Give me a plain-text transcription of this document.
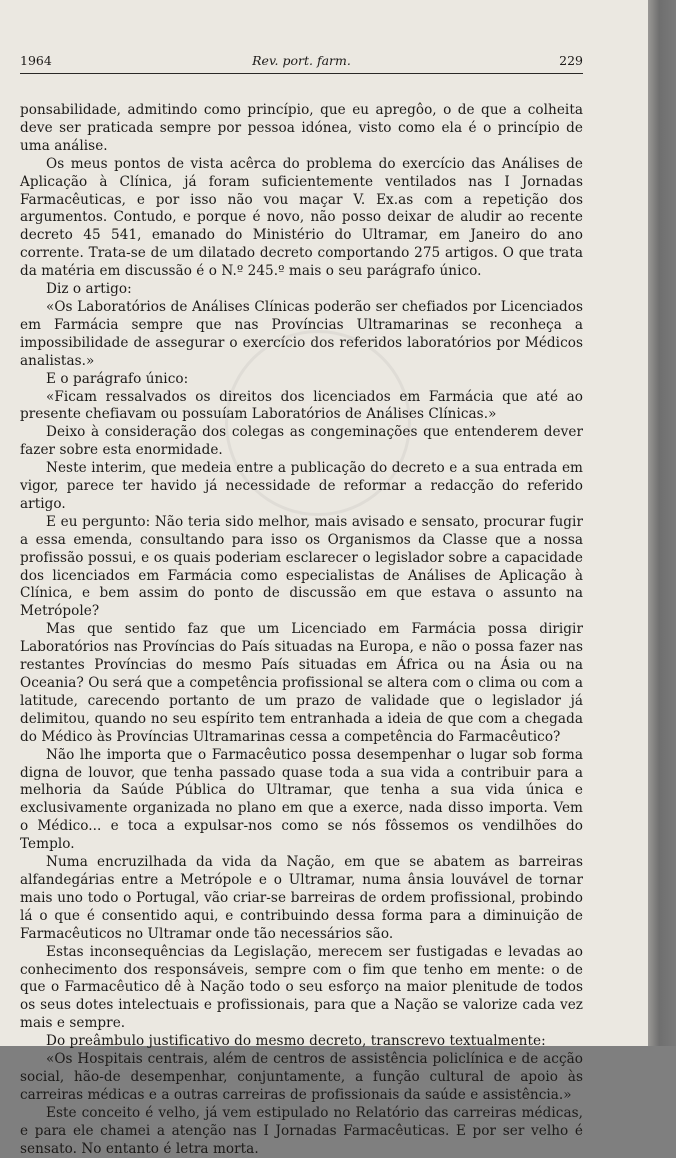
1964	Rev. port. farm.	229

ponsabilidade, admitindo como princípio, que eu apregôo, o de que a colheita deve ser praticada sempre por pessoa idónea, visto como ela é o princípio de uma análise.

Os meus pontos de vista acêrca do problema do exercício das Análises de Aplicação à Clínica, já foram suficientemente ventilados nas I Jornadas Farmacêuticas, e por isso não vou maçar V. Ex.as com a repetição dos argumentos. Contudo, e porque é novo, não posso deixar de aludir ao recente decreto 45 541, emanado do Ministério do Ultramar, em Janeiro do ano corrente. Trata-se de um dilatado decreto comportando 275 artigos. O que trata da matéria em discussão é o N.º 245.º mais o seu parágrafo único.

Diz o artigo:

«Os Laboratórios de Análises Clínicas poderão ser chefiados por Licenciados em Farmácia sempre que nas Províncias Ultramarinas se reconheça a impossibilidade de assegurar o exercício dos referidos laboratórios por Médicos analistas.»

E o parágrafo único:

«Ficam ressalvados os direitos dos licenciados em Farmácia que até ao presente chefiavam ou possuíam Laboratórios de Análises Clínicas.»

Deixo à consideração dos colegas as congeminações que entenderem dever fazer sobre esta enormidade.

Neste interim, que medeia entre a publicação do decreto e a sua entrada em vigor, parece ter havido já necessidade de reformar a redacção do referido artigo.

E eu pergunto: Não teria sido melhor, mais avisado e sensato, procurar fugir a essa emenda, consultando para isso os Organismos da Classe que a nossa profissão possui, e os quais poderiam esclarecer o legislador sobre a capacidade dos licenciados em Farmácia como especialistas de Análises de Aplicação à Clínica, e bem assim do ponto de discussão em que estava o assunto na Metrópole?

Mas que sentido faz que um Licenciado em Farmácia possa dirigir Laboratórios nas Províncias do País situadas na Europa, e não o possa fazer nas restantes Províncias do mesmo País situadas em África ou na Ásia ou na Oceania? Ou será que a competência profissional se altera com o clima ou com a latitude, carecendo portanto de um prazo de validade que o legislador já delimitou, quando no seu espírito tem entranhada a ideia de que com a chegada do Médico às Províncias Ultramarinas cessa a competência do Farmacêutico?

Não lhe importa que o Farmacêutico possa desempenhar o lugar sob forma digna de louvor, que tenha passado quase toda a sua vida a contribuir para a melhoria da Saúde Pública do Ultramar, que tenha a sua vida única e exclusivamente organizada no plano em que a exerce, nada disso importa. Vem o Médico... e toca a expulsar-nos como se nós fôssemos os vendilhões do Templo.

Numa encruzilhada da vida da Nação, em que se abatem as barreiras alfandegárias entre a Metrópole e o Ultramar, numa ânsia louvável de tornar mais uno todo o Portugal, vão criar-se barreiras de ordem profissional, probindo lá o que é consentido aqui, e contribuindo dessa forma para a diminuição de Farmacêuticos no Ultramar onde tão necessários são.

Estas inconsequências da Legislação, merecem ser fustigadas e levadas ao conhecimento dos responsáveis, sempre com o fim que tenho em mente: o de que o Farmacêutico dê à Nação todo o seu esforço na maior plenitude de todos os seus dotes intelectuais e profissionais, para que a Nação se valorize cada vez mais e sempre.

Do preâmbulo justificativo do mesmo decreto, transcrevo textualmente:

«Os Hospitais centrais, além de centros de assistência policlínica e de acção social, hão-de desempenhar, conjuntamente, a função cultural de apoio às carreiras médicas e a outras carreiras de profissionais da saúde e assistência.»

Este conceito é velho, já vem estipulado no Relatório das carreiras médicas, e para ele chamei a atenção nas I Jornadas Farmacêuticas. E por ser velho é sensato. No entanto é letra morta.
